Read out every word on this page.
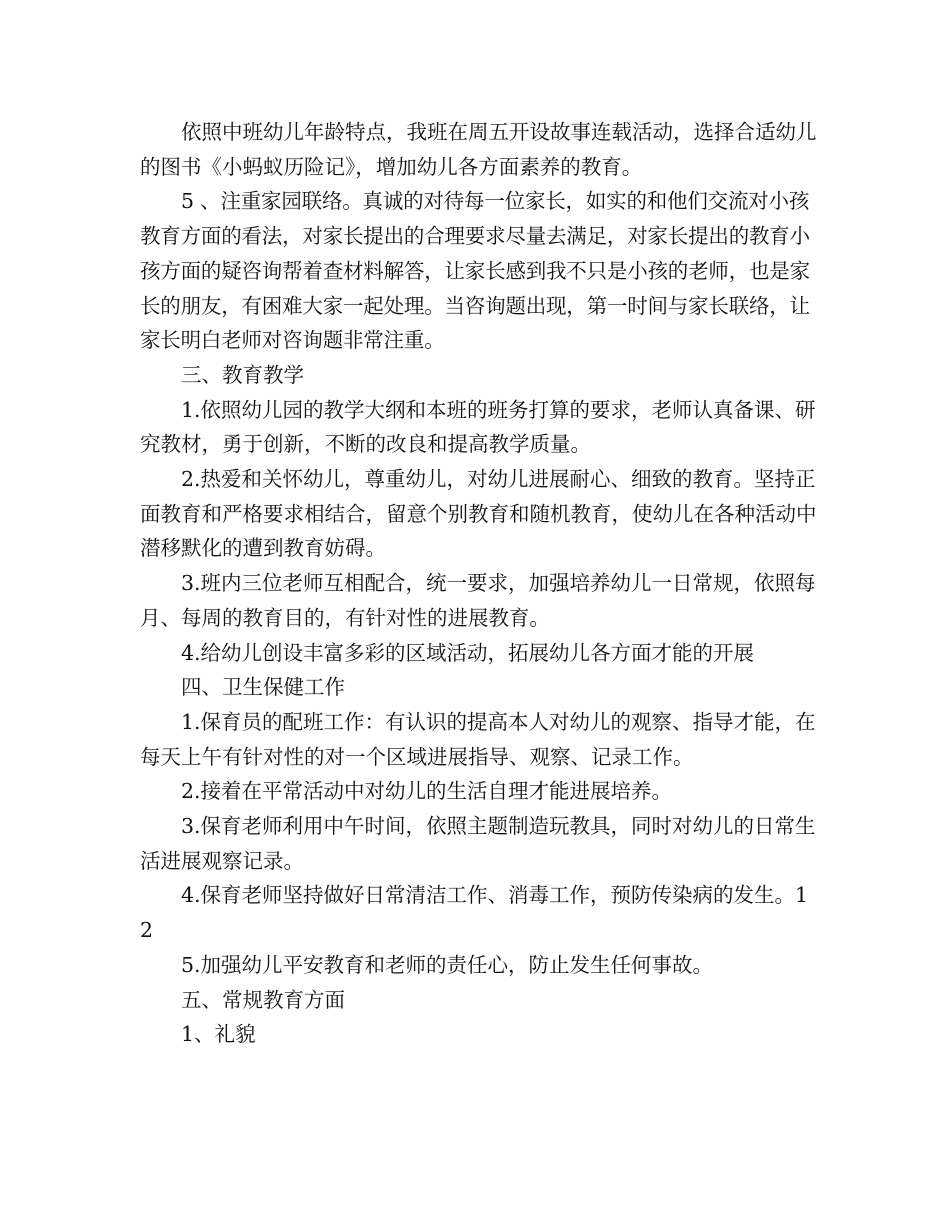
依照中班幼儿年龄特点，我班在周五开设故事连载活动，选择合适幼儿的图书《小蚂蚁历险记》，增加幼儿各方面素养的教育。

5 、注重家园联络。真诚的对待每一位家长，如实的和他们交流对小孩教育方面的看法，对家长提出的合理要求尽量去满足，对家长提出的教育小孩方面的疑咨询帮着查材料解答，让家长感到我不只是小孩的老师，也是家长的朋友，有困难大家一起处理。当咨询题出现，第一时间与家长联络，让家长明白老师对咨询题非常注重。

三、教育教学

1.依照幼儿园的教学大纲和本班的班务打算的要求，老师认真备课、研究教材，勇于创新，不断的改良和提高教学质量。

2.热爱和关怀幼儿，尊重幼儿，对幼儿进展耐心、细致的教育。坚持正面教育和严格要求相结合，留意个别教育和随机教育，使幼儿在各种活动中潜移默化的遭到教育妨碍。

3.班内三位老师互相配合，统一要求，加强培养幼儿一日常规，依照每月、每周的教育目的，有针对性的进展教育。

4.给幼儿创设丰富多彩的区域活动，拓展幼儿各方面才能的开展

四、卫生保健工作

1.保育员的配班工作：有认识的提高本人对幼儿的观察、指导才能，在每天上午有针对性的对一个区域进展指导、观察、记录工作。

2.接着在平常活动中对幼儿的生活自理才能进展培养。

3.保育老师利用中午时间，依照主题制造玩教具，同时对幼儿的日常生活进展观察记录。

4.保育老师坚持做好日常清洁工作、消毒工作，预防传染病的发生。12

5.加强幼儿平安教育和老师的责任心，防止发生任何事故。

五、常规教育方面

1、礼貌
